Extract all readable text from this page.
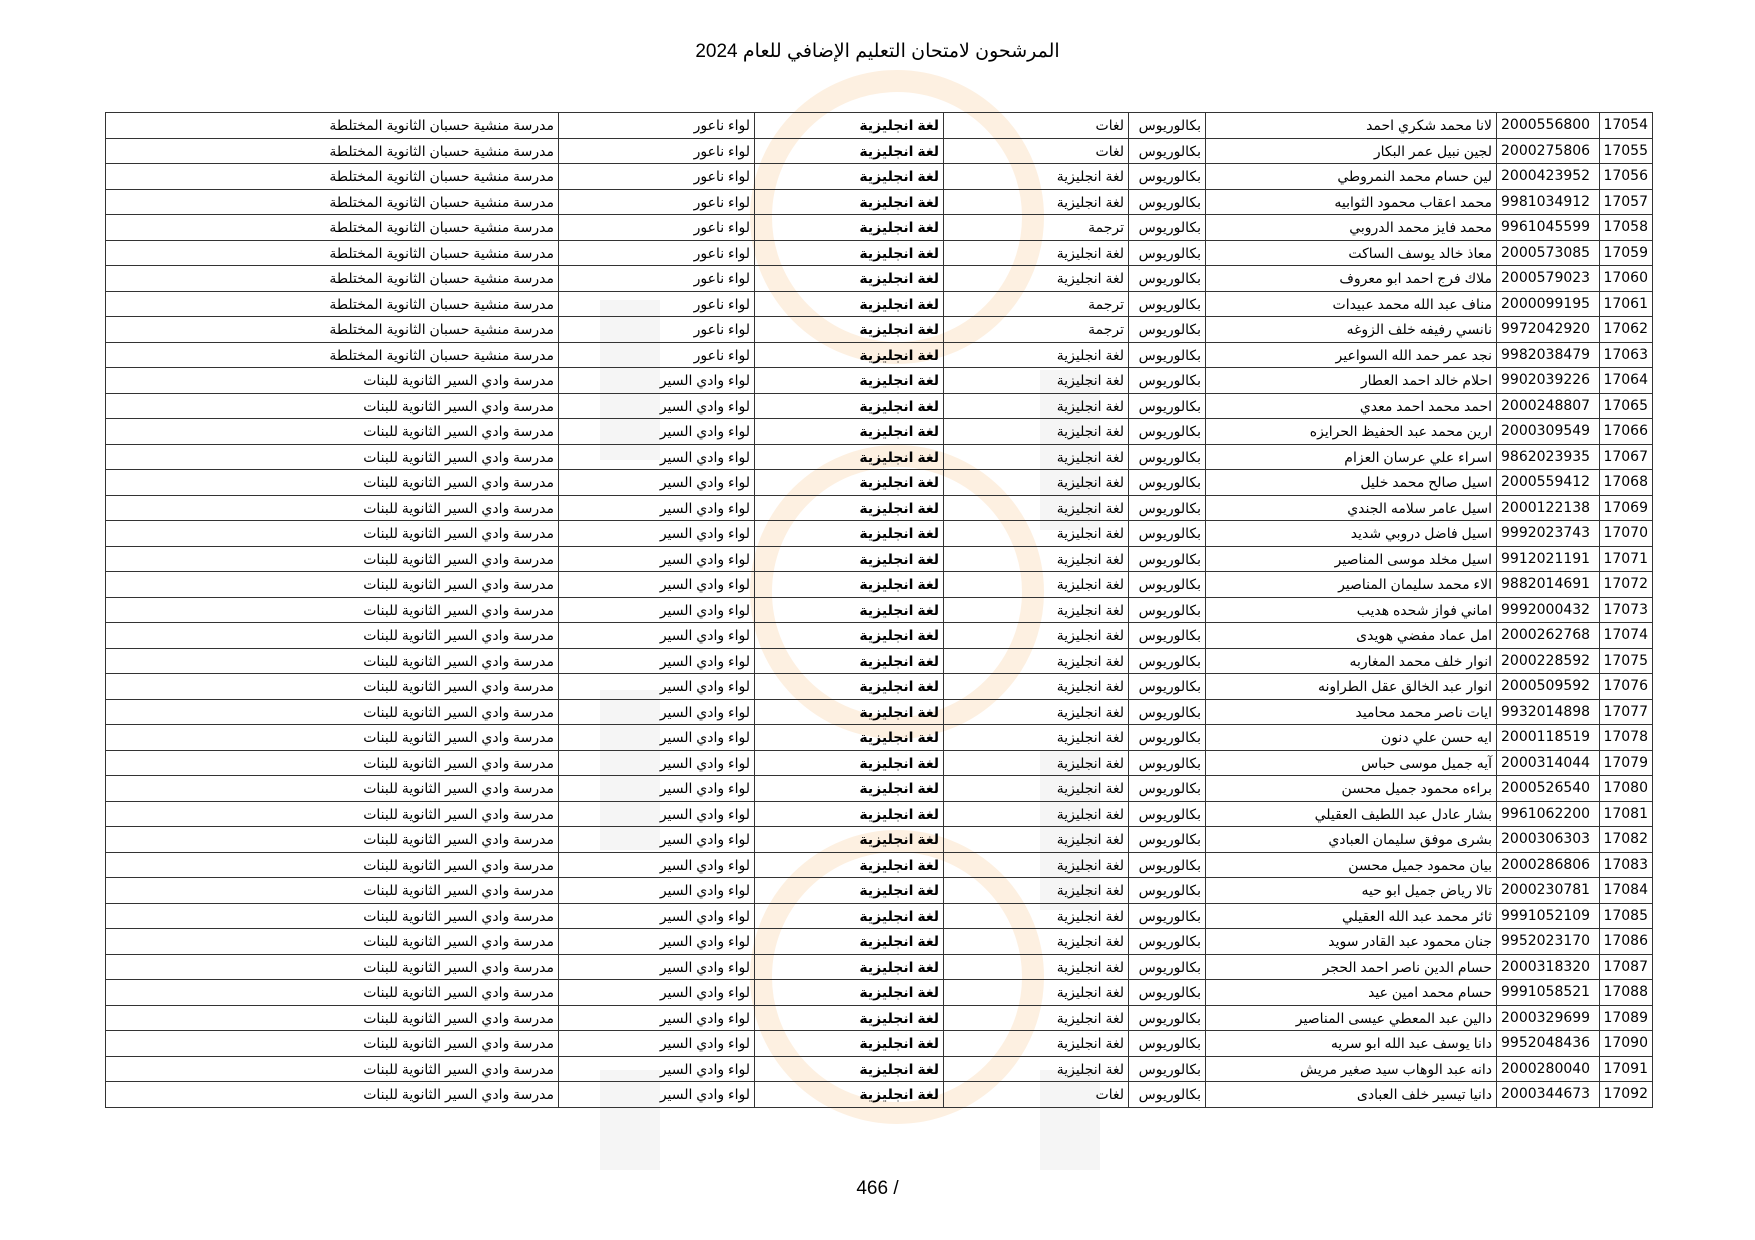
المرشحون لامتحان التعليم الإضافي للعام 2024
17054	2000556800	لانا محمد شكري احمد	بكالوريوس	لغات	لغة انجليزية	لواء ناعور	مدرسة منشية حسبان الثانوية المختلطة
17055	2000275806	لجين نبيل عمر البكار	بكالوريوس	لغات	لغة انجليزية	لواء ناعور	مدرسة منشية حسبان الثانوية المختلطة
17056	2000423952	لين حسام محمد النمروطي	بكالوريوس	لغة انجليزية	لغة انجليزية	لواء ناعور	مدرسة منشية حسبان الثانوية المختلطة
17057	9981034912	محمد اعقاب محمود الثوابيه	بكالوريوس	لغة انجليزية	لغة انجليزية	لواء ناعور	مدرسة منشية حسبان الثانوية المختلطة
17058	9961045599	محمد فايز محمد الدروبي	بكالوريوس	ترجمة	لغة انجليزية	لواء ناعور	مدرسة منشية حسبان الثانوية المختلطة
17059	2000573085	معاذ خالد يوسف الساكت	بكالوريوس	لغة انجليزية	لغة انجليزية	لواء ناعور	مدرسة منشية حسبان الثانوية المختلطة
17060	2000579023	ملاك فرج احمد ابو معروف	بكالوريوس	لغة انجليزية	لغة انجليزية	لواء ناعور	مدرسة منشية حسبان الثانوية المختلطة
17061	2000099195	مناف عبد الله محمد عبيدات	بكالوريوس	ترجمة	لغة انجليزية	لواء ناعور	مدرسة منشية حسبان الثانوية المختلطة
17062	9972042920	نانسي رفيفه خلف الزوغه	بكالوريوس	ترجمة	لغة انجليزية	لواء ناعور	مدرسة منشية حسبان الثانوية المختلطة
17063	9982038479	نجد عمر حمد الله السواعير	بكالوريوس	لغة انجليزية	لغة انجليزية	لواء ناعور	مدرسة منشية حسبان الثانوية المختلطة
17064	9902039226	احلام خالد احمد العطار	بكالوريوس	لغة انجليزية	لغة انجليزية	لواء وادي السير	مدرسة وادي السير الثانوية للبنات
17065	2000248807	احمد محمد احمد معدي	بكالوريوس	لغة انجليزية	لغة انجليزية	لواء وادي السير	مدرسة وادي السير الثانوية للبنات
17066	2000309549	ارين محمد عبد الحفيظ الحرايزه	بكالوريوس	لغة انجليزية	لغة انجليزية	لواء وادي السير	مدرسة وادي السير الثانوية للبنات
17067	9862023935	اسراء علي عرسان العزام	بكالوريوس	لغة انجليزية	لغة انجليزية	لواء وادي السير	مدرسة وادي السير الثانوية للبنات
17068	2000559412	اسيل صالح محمد خليل	بكالوريوس	لغة انجليزية	لغة انجليزية	لواء وادي السير	مدرسة وادي السير الثانوية للبنات
17069	2000122138	اسيل عامر سلامه الجندي	بكالوريوس	لغة انجليزية	لغة انجليزية	لواء وادي السير	مدرسة وادي السير الثانوية للبنات
17070	9992023743	اسيل فاضل دروبي شديد	بكالوريوس	لغة انجليزية	لغة انجليزية	لواء وادي السير	مدرسة وادي السير الثانوية للبنات
17071	9912021191	اسيل مخلد موسى المناصير	بكالوريوس	لغة انجليزية	لغة انجليزية	لواء وادي السير	مدرسة وادي السير الثانوية للبنات
17072	9882014691	الاء محمد سليمان المناصير	بكالوريوس	لغة انجليزية	لغة انجليزية	لواء وادي السير	مدرسة وادي السير الثانوية للبنات
17073	9992000432	اماني فواز شحده هديب	بكالوريوس	لغة انجليزية	لغة انجليزية	لواء وادي السير	مدرسة وادي السير الثانوية للبنات
17074	2000262768	امل عماد مفضي هويدى	بكالوريوس	لغة انجليزية	لغة انجليزية	لواء وادي السير	مدرسة وادي السير الثانوية للبنات
17075	2000228592	انوار خلف محمد المغاربه	بكالوريوس	لغة انجليزية	لغة انجليزية	لواء وادي السير	مدرسة وادي السير الثانوية للبنات
17076	2000509592	انوار عبد الخالق عقل الطراونه	بكالوريوس	لغة انجليزية	لغة انجليزية	لواء وادي السير	مدرسة وادي السير الثانوية للبنات
17077	9932014898	ايات ناصر محمد محاميد	بكالوريوس	لغة انجليزية	لغة انجليزية	لواء وادي السير	مدرسة وادي السير الثانوية للبنات
17078	2000118519	ايه حسن علي دنون	بكالوريوس	لغة انجليزية	لغة انجليزية	لواء وادي السير	مدرسة وادي السير الثانوية للبنات
17079	2000314044	آيه جميل موسى حباس	بكالوريوس	لغة انجليزية	لغة انجليزية	لواء وادي السير	مدرسة وادي السير الثانوية للبنات
17080	2000526540	براءه محمود جميل محسن	بكالوريوس	لغة انجليزية	لغة انجليزية	لواء وادي السير	مدرسة وادي السير الثانوية للبنات
17081	9961062200	بشار عادل عبد اللطيف العقيلي	بكالوريوس	لغة انجليزية	لغة انجليزية	لواء وادي السير	مدرسة وادي السير الثانوية للبنات
17082	2000306303	بشرى موفق سليمان العبادي	بكالوريوس	لغة انجليزية	لغة انجليزية	لواء وادي السير	مدرسة وادي السير الثانوية للبنات
17083	2000286806	بيان محمود جميل محسن	بكالوريوس	لغة انجليزية	لغة انجليزية	لواء وادي السير	مدرسة وادي السير الثانوية للبنات
17084	2000230781	تالا رياض جميل ابو حيه	بكالوريوس	لغة انجليزية	لغة انجليزية	لواء وادي السير	مدرسة وادي السير الثانوية للبنات
17085	9991052109	ثائر محمد عبد الله العقيلي	بكالوريوس	لغة انجليزية	لغة انجليزية	لواء وادي السير	مدرسة وادي السير الثانوية للبنات
17086	9952023170	جنان محمود عبد القادر سويد	بكالوريوس	لغة انجليزية	لغة انجليزية	لواء وادي السير	مدرسة وادي السير الثانوية للبنات
17087	2000318320	حسام الدين ناصر احمد الحجر	بكالوريوس	لغة انجليزية	لغة انجليزية	لواء وادي السير	مدرسة وادي السير الثانوية للبنات
17088	9991058521	حسام محمد امين عيد	بكالوريوس	لغة انجليزية	لغة انجليزية	لواء وادي السير	مدرسة وادي السير الثانوية للبنات
17089	2000329699	دالين عبد المعطي عيسى المناصير	بكالوريوس	لغة انجليزية	لغة انجليزية	لواء وادي السير	مدرسة وادي السير الثانوية للبنات
17090	9952048436	دانا يوسف عبد الله ابو سريه	بكالوريوس	لغة انجليزية	لغة انجليزية	لواء وادي السير	مدرسة وادي السير الثانوية للبنات
17091	2000280040	دانه عبد الوهاب سيد صغير مريش	بكالوريوس	لغة انجليزية	لغة انجليزية	لواء وادي السير	مدرسة وادي السير الثانوية للبنات
17092	2000344673	دانيا تيسير خلف العبادى	بكالوريوس	لغات	لغة انجليزية	لواء وادي السير	مدرسة وادي السير الثانوية للبنات
466 /
